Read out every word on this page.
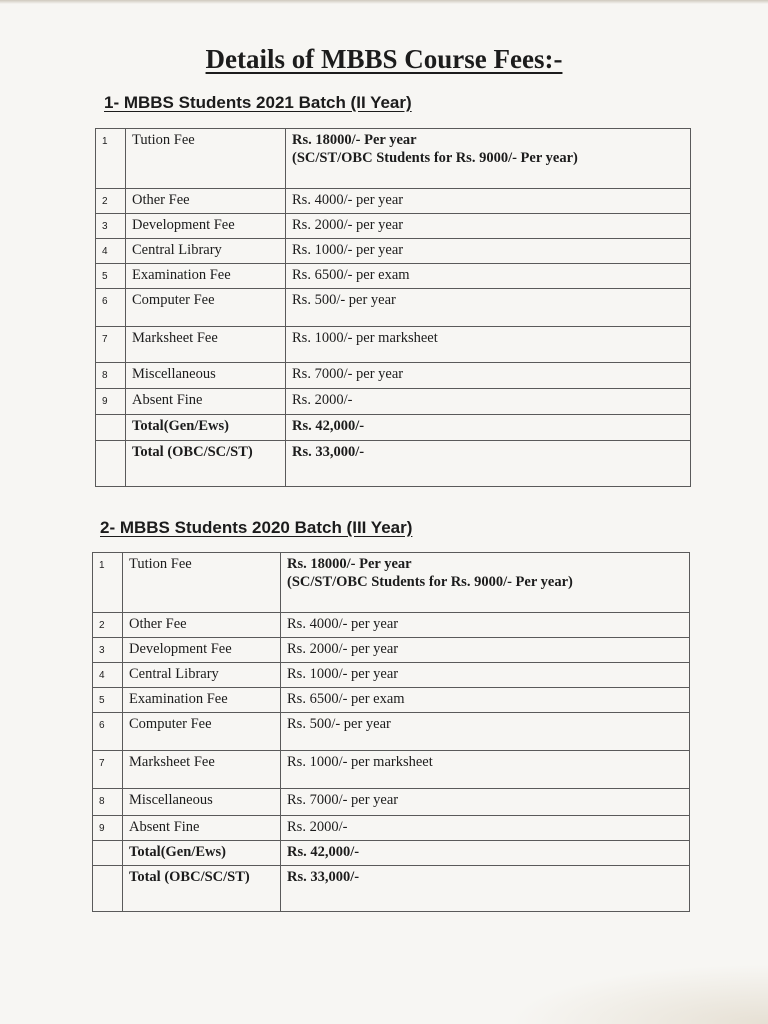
Details of MBBS Course Fees:-
1- MBBS Students 2021 Batch (II Year)
1	Tution Fee	Rs. 18000/- Per year
(SC/ST/OBC Students for Rs. 9000/- Per year)

2	Other Fee	Rs. 4000/- per year
3	Development Fee	Rs. 2000/- per year
4	Central Library	Rs. 1000/- per year
5	Examination Fee	Rs. 6500/- per exam
6	Computer Fee	Rs. 500/- per year
7	Marksheet Fee	Rs. 1000/- per marksheet
8	Miscellaneous	Rs. 7000/- per year
9	Absent Fine	Rs. 2000/-
	Total(Gen/Ews)	Rs. 42,000/-
	Total (OBC/SC/ST)	Rs. 33,000/-
2- MBBS Students 2020 Batch (III Year)
1	Tution Fee	Rs. 18000/- Per year
(SC/ST/OBC Students for Rs. 9000/- Per year)

2	Other Fee	Rs. 4000/- per year
3	Development Fee	Rs. 2000/- per year
4	Central Library	Rs. 1000/- per year
5	Examination Fee	Rs. 6500/- per exam
6	Computer Fee	Rs. 500/- per year
7	Marksheet Fee	Rs. 1000/- per marksheet
8	Miscellaneous	Rs. 7000/- per year
9	Absent Fine	Rs. 2000/-
	Total(Gen/Ews)	Rs. 42,000/-
	Total (OBC/SC/ST)	Rs. 33,000/-
